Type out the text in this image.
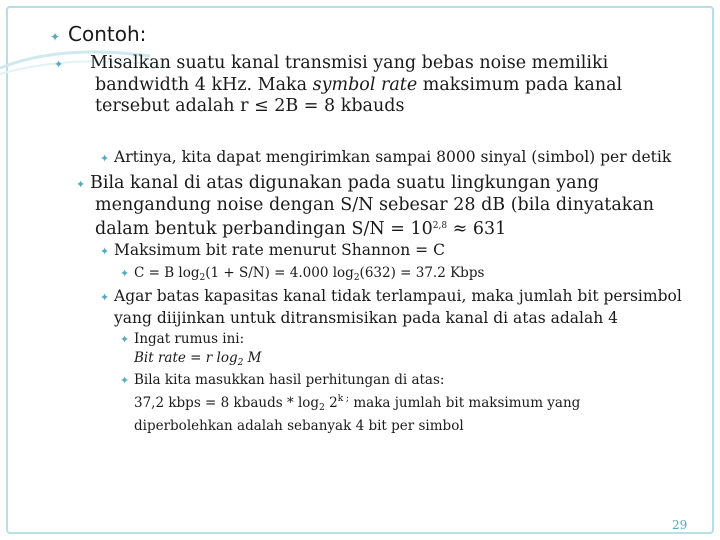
✦ Contoh:
✦ Misalkan suatu kanal transmisi yang bebas noise memiliki
bandwidth 4 kHz. Maka symbol rate maksimum pada kanal
tersebut adalah r ≤ 2B = 8 kbauds
✦ Artinya, kita dapat mengirimkan sampai 8000 sinyal (simbol) per detik
✦ Bila kanal di atas digunakan pada suatu lingkungan yang
mengandung noise dengan S/N sebesar 28 dB (bila dinyatakan
dalam bentuk perbandingan $S/N = 10^{2,8} \approx 631$
✦ Maksimum bit rate menurut Shannon = C
✦ C = B $\log_2(1 + S/N) = 4.000$ $\log_2(632) = 37.2$ Kbps
✦ Agar batas kapasitas kanal tidak terlampaui, maka jumlah bit persimbol
yang diijinkan untuk ditransmisikan pada kanal di atas adalah 4
✦ Ingat rumus ini:
Bit rate = r $\log_2 M$
✦ Bila kita masukkan hasil perhitungan di atas:
37,2 kbps = 8 kbauds * $\log_2 2^{k ;}$ maka jumlah bit maksimum yang
diperbolehkan adalah sebanyak 4 bit per simbol
29
